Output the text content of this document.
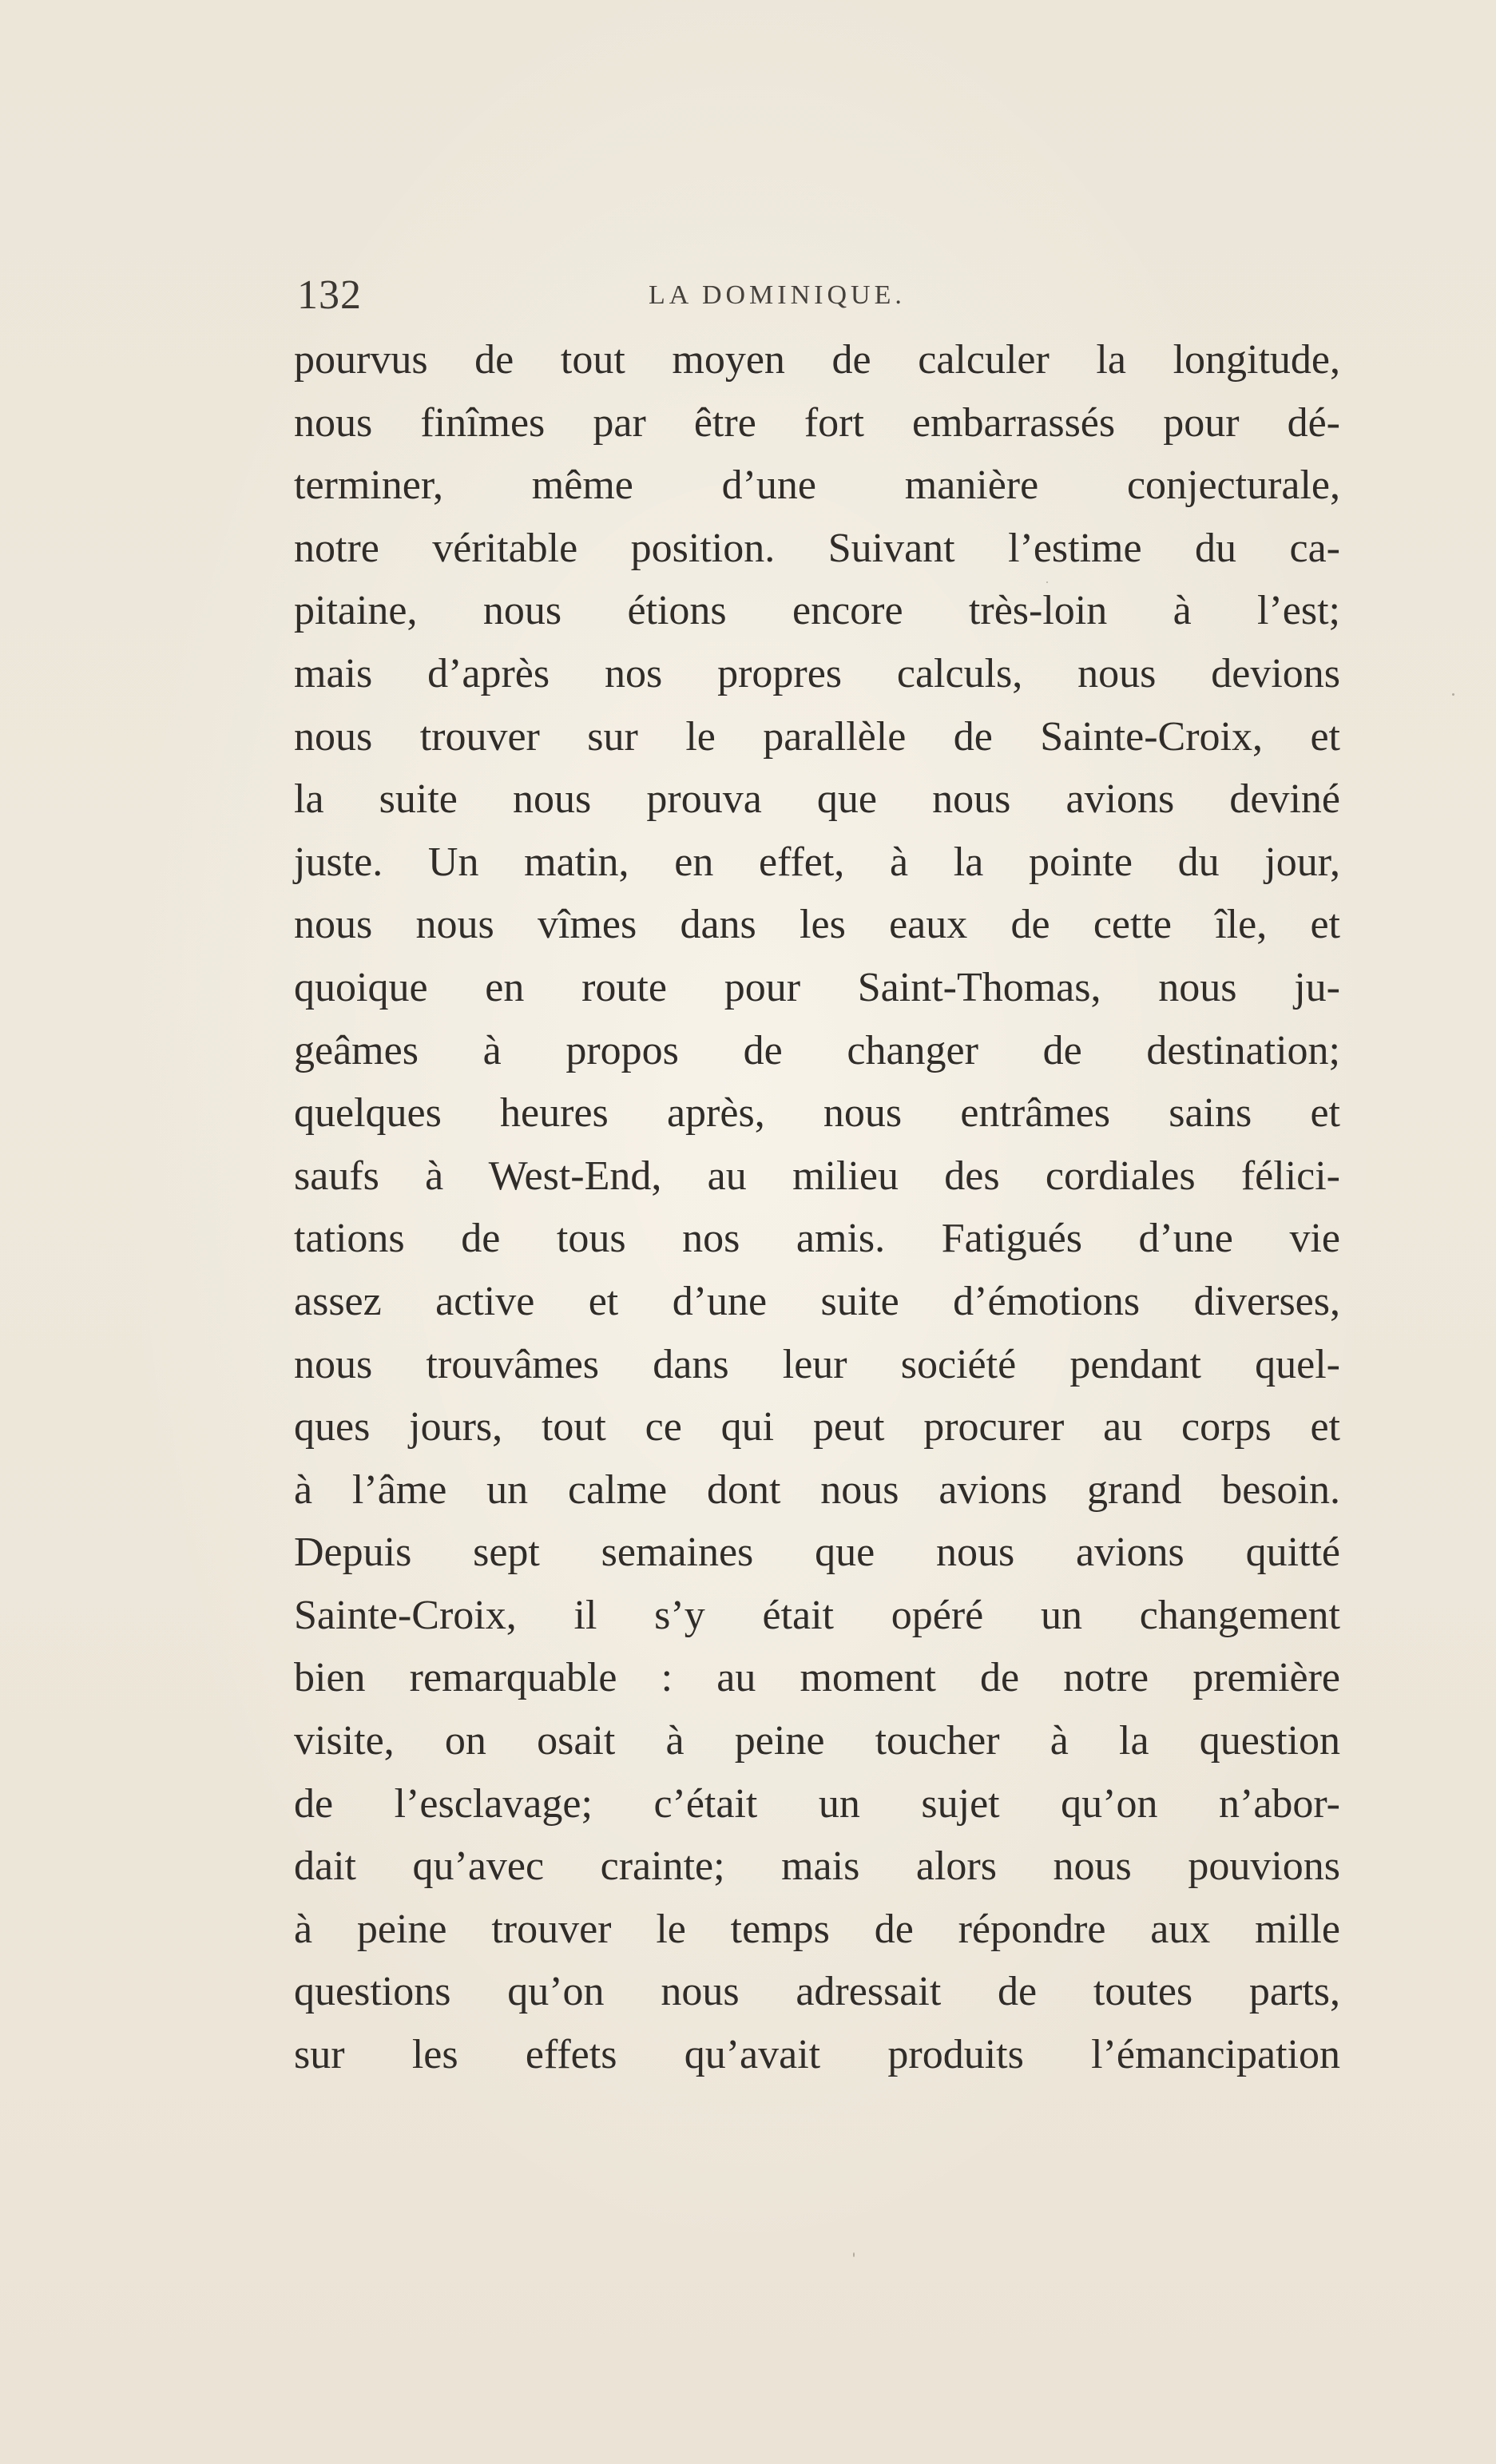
132	LA DOMINIQUE.
pourvus de tout moyen de calculer la longitude,
nous finîmes par être fort embarrassés pour dé-
terminer, même d’une manière conjecturale,
notre véritable position. Suivant l’estime du ca-
pitaine, nous étions encore très-loin à l’est;
mais d’après nos propres calculs, nous devions
nous trouver sur le parallèle de Sainte-Croix, et
la suite nous prouva que nous avions deviné
juste. Un matin, en effet, à la pointe du jour,
nous nous vîmes dans les eaux de cette île, et
quoique en route pour Saint-Thomas, nous ju-
geâmes à propos de changer de destination;
quelques heures après, nous entrâmes sains et
saufs à West-End, au milieu des cordiales félici-
tations de tous nos amis. Fatigués d’une vie
assez active et d’une suite d’émotions diverses,
nous trouvâmes dans leur société pendant quel-
ques jours, tout ce qui peut procurer au corps et
à l’âme un calme dont nous avions grand besoin.
Depuis sept semaines que nous avions quitté
Sainte-Croix, il s’y était opéré un changement
bien remarquable : au moment de notre première
visite, on osait à peine toucher à la question
de l’esclavage; c’était un sujet qu’on n’abor-
dait qu’avec crainte; mais alors nous pouvions
à peine trouver le temps de répondre aux mille
questions qu’on nous adressait de toutes parts,
sur les effets qu’avait produits l’émancipation
